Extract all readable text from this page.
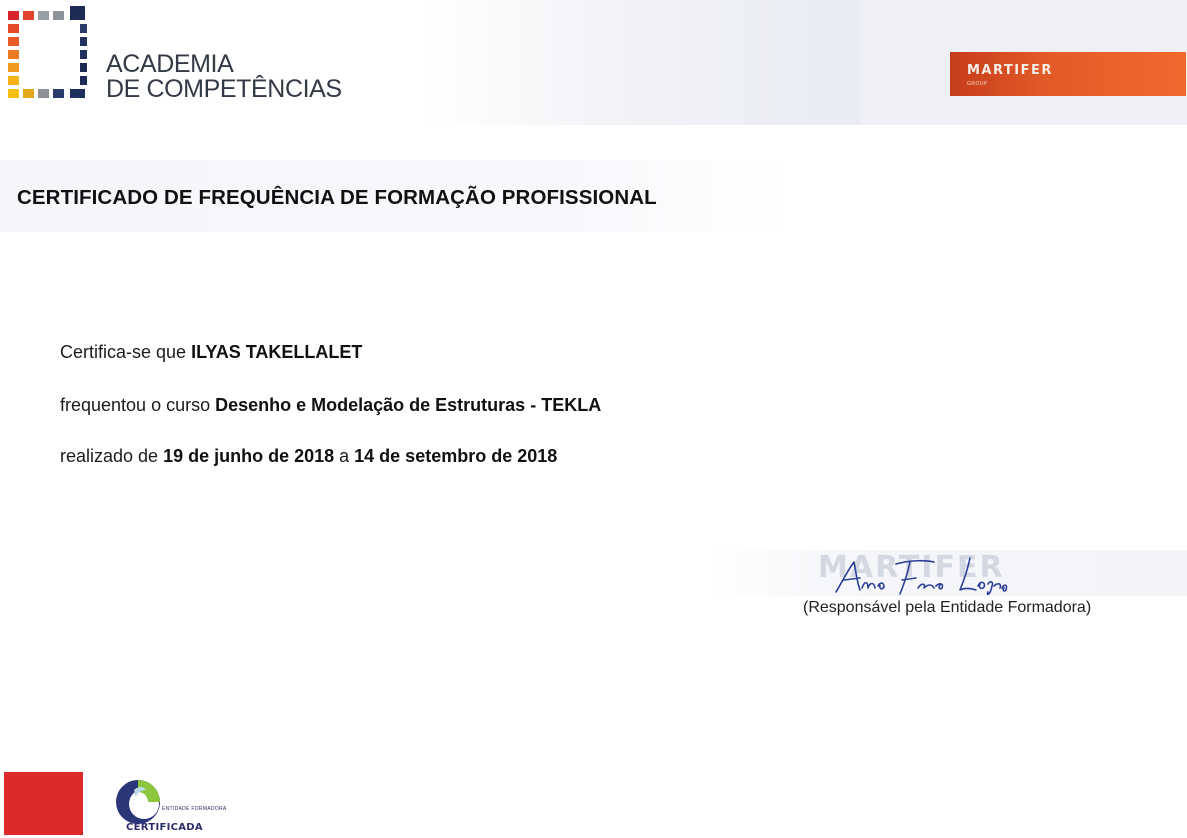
ACADEMIA
DE COMPETÊNCIAS
MARTIFER
GROUP
CERTIFICADO DE FREQUÊNCIA DE FORMAÇÃO PROFISSIONAL
Certifica-se que ILYAS TAKELLALET
frequentou o curso Desenho e Modelação de Estruturas - TEKLA
realizado de 19 de junho de 2018 a 14 de setembro de 2018
MARTIFER
(Responsável pela Entidade Formadora)
ENTIDADE FORMADORA
CERTIFICADA
